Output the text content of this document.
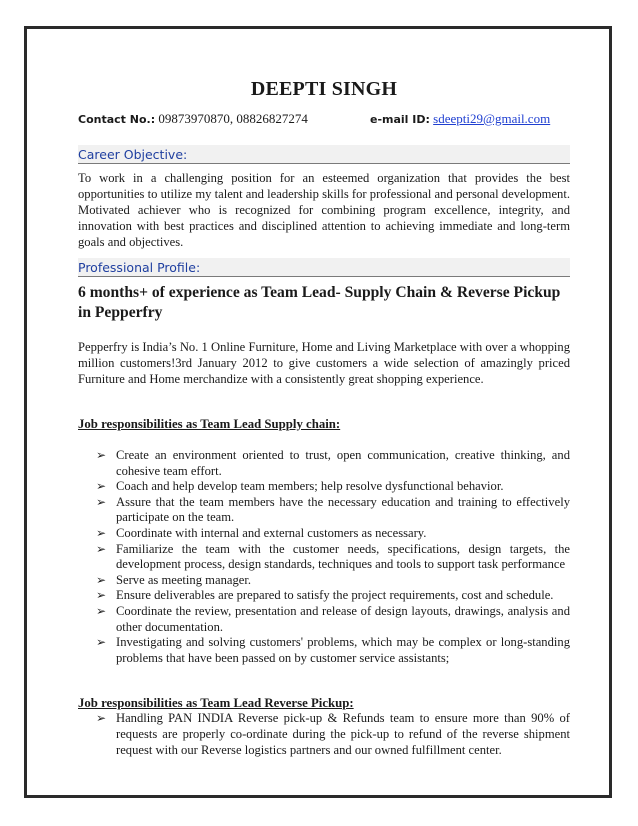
DEEPTI SINGH
Contact No.: 09873970870, 08826827274	e-mail ID: sdeepti29@gmail.com
Career Objective:

To work in a challenging position for an esteemed organization that provides the best opportunities to utilize my talent and leadership skills for professional and personal development. Motivated achiever who is recognized for combining program excellence, integrity, and innovation with best practices and disciplined attention to achieving immediate and long-term goals and objectives.

Professional Profile:
6 months+ of experience as Team Lead- Supply Chain & Reverse Pickup in Pepperfry

Pepperfry is India’s No. 1 Online Furniture, Home and Living Marketplace with over a whopping million customers!3rd January 2012 to give customers a wide selection of amazingly priced Furniture and Home merchandize with a consistently great shopping experience.

Job responsibilities as Team Lead Supply chain:

➢ Create an environment oriented to trust, open communication, creative thinking, and cohesive team effort.
➢ Coach and help develop team members; help resolve dysfunctional behavior.
➢ Assure that the team members have the necessary education and training to effectively participate on the team.
➢ Coordinate with internal and external customers as necessary.
➢ Familiarize the team with the customer needs, specifications, design targets, the development process, design standards, techniques and tools to support task performance
➢ Serve as meeting manager.
➢ Ensure deliverables are prepared to satisfy the project requirements, cost and schedule.
➢ Coordinate the review, presentation and release of design layouts, drawings, analysis and other documentation.
➢ Investigating and solving customers' problems, which may be complex or long-standing problems that have been passed on by customer service assistants;

Job responsibilities as Team Lead Reverse Pickup:

➢ Handling PAN INDIA Reverse pick-up & Refunds team to ensure more than 90% of requests are properly co-ordinate during the pick-up to refund of the reverse shipment request with our Reverse logistics partners and our owned fulfillment center.
